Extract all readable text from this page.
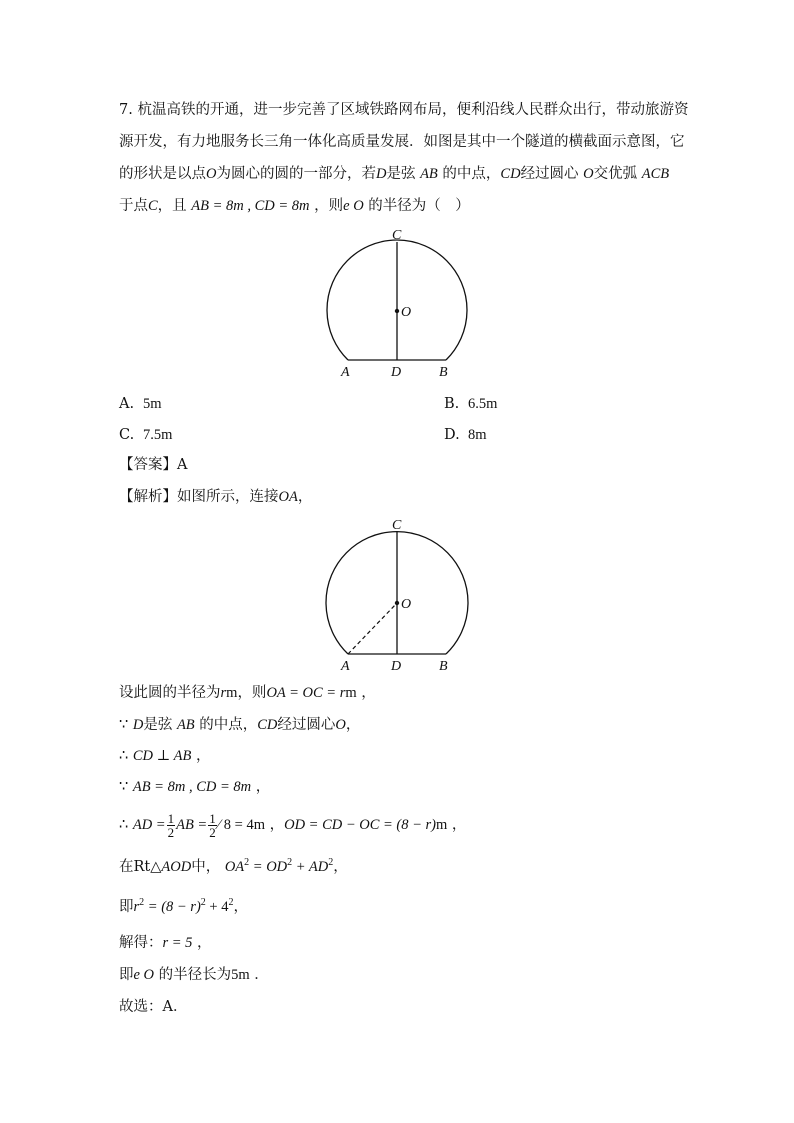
7. 杭温高铁的开通，进一步完善了区域铁路网布局，便利沿线人民群众出行，带动旅游资
源开发，有力地服务长三角一体化高质量发展．如图是其中一个隧道的横截面示意图，它
的形状是以点O为圆心的圆的一部分，若D是弦 AB 的中点，CD经过圆心 O交优弧 ACB
于点C，且 AB = 8m , CD = 8m ，则e O 的半径为（　）
C
O
A	D	B
A. 5m	B. 6.5m
C. 7.5m	D. 8m
【答案】A
【解析】如图所示，连接OA，
C
O
A	D	B
设此圆的半径为rm，则OA = OC = rm ，
∵ D是弦 AB 的中点，CD经过圆心O，
∴ CD ⊥ AB ，
∵ AB = 8m , CD = 8m ，
∴ AD = $\frac{1}{2}$ AB = $\frac{1}{2}$ ⁄ 8 = 4m ，OD = CD − OC = (8 − r)m ，
在Rt△AOD中， $OA^2 = OD^2 + AD^2$，
即$r^2 = (8 - r)^2 + 4^2$，
解得：r = 5 ，
即e O 的半径长为5m ．
故选：A．
